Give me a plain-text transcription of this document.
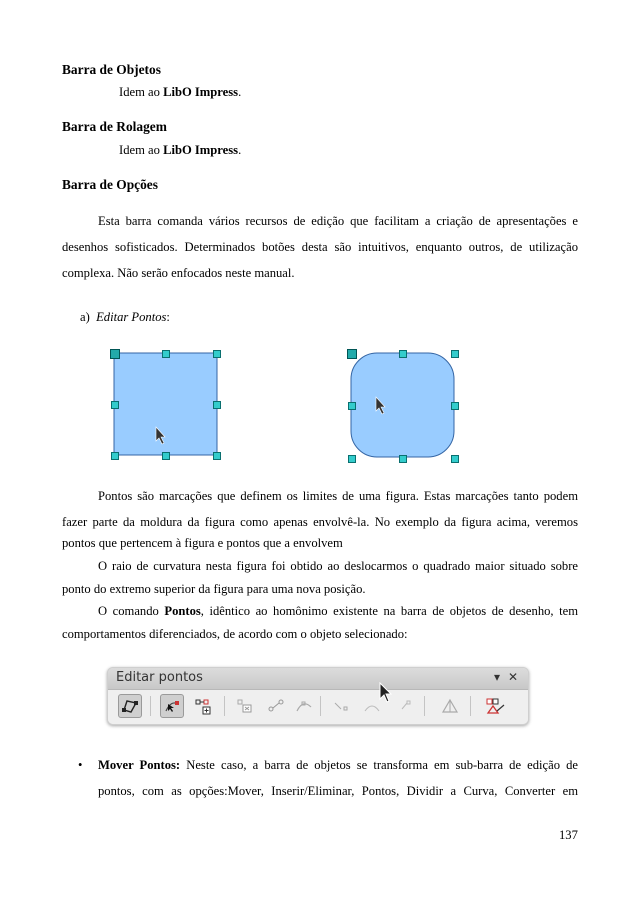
Barra de Objetos
Idem ao LibO Impress.
Barra de Rolagem
Idem ao LibO Impress.
Barra de Opções
Esta barra comanda vários recursos de edição que facilitam a criação de apresentações e
desenhos sofisticados. Determinados botões desta são intuitivos, enquanto outros, de utilização
complexa. Não serão enfocados neste manual.
a) Editar Pontos:
Pontos são marcações que definem os limites de uma figura. Estas marcações tanto podem
fazer parte da moldura da figura como apenas envolvê-la. No exemplo da figura acima, veremos
pontos que pertencem à figura e pontos que a envolvem
O raio de curvatura nesta figura foi obtido ao deslocarmos o quadrado maior situado sobre
ponto do extremo superior da figura para uma nova posição.
O comando Pontos, idêntico ao homônimo existente na barra de objetos de desenho, tem
comportamentos diferenciados, de acordo com o objeto selecionado:
Editar pontos	▾ ✕
• Mover Pontos: Neste caso, a barra de objetos se transforma em sub-barra de edição de
pontos, com as opções:Mover, Inserir/Eliminar, Pontos, Dividir a Curva, Converter em
137
